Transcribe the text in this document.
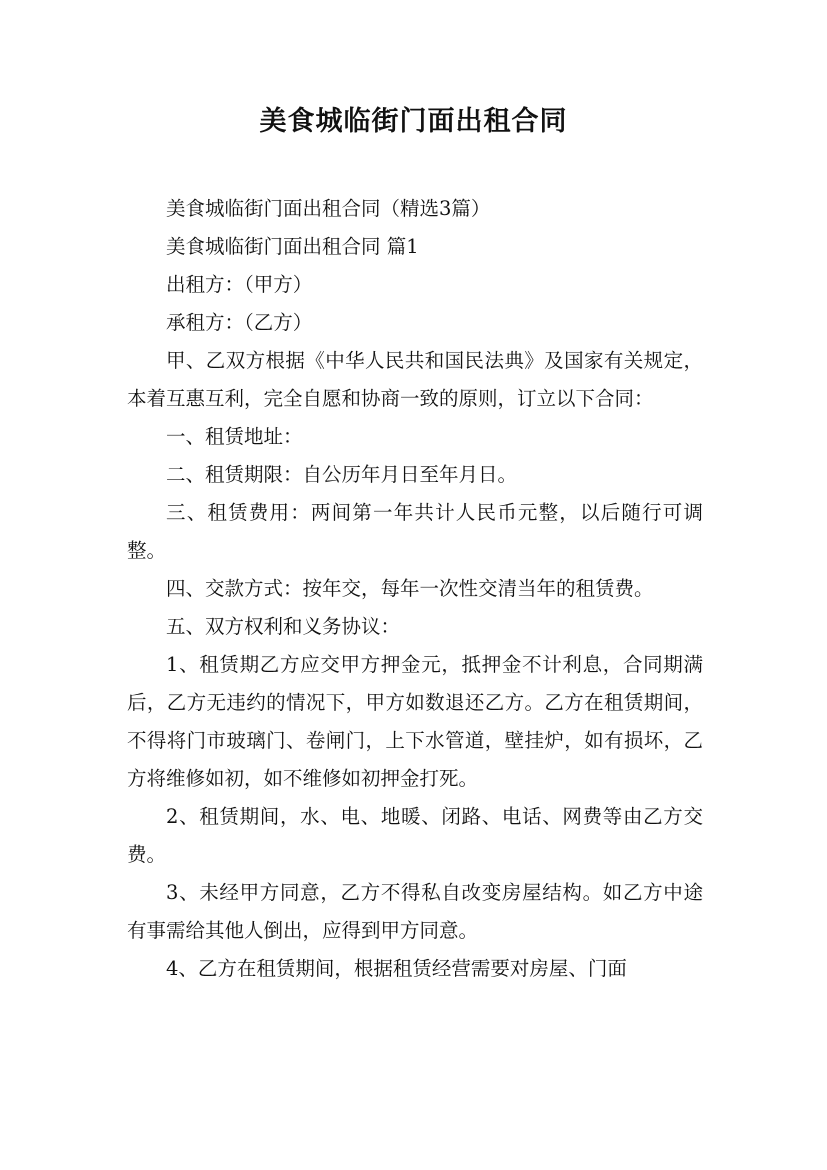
美食城临街门面出租合同

美食城临街门面出租合同（精选3篇）

美食城临街门面出租合同 篇1

出租方：（甲方）

承租方：（乙方）

甲、乙双方根据《中华人民共和国民法典》及国家有关规定，本着互惠互利，完全自愿和协商一致的原则，订立以下合同：

一、租赁地址：

二、租赁期限：自公历年月日至年月日。

三、租赁费用：两间第一年共计人民币元整，以后随行可调整。

四、交款方式：按年交，每年一次性交清当年的租赁费。

五、双方权利和义务协议：

1、租赁期乙方应交甲方押金元，抵押金不计利息，合同期满后，乙方无违约的情况下，甲方如数退还乙方。乙方在租赁期间，不得将门市玻璃门、卷闸门，上下水管道，壁挂炉，如有损坏，乙方将维修如初，如不维修如初押金打死。

2、租赁期间，水、电、地暖、闭路、电话、网费等由乙方交费。

3、未经甲方同意，乙方不得私自改变房屋结构。如乙方中途有事需给其他人倒出，应得到甲方同意。

4、乙方在租赁期间，根据租赁经营需要对房屋、门面
